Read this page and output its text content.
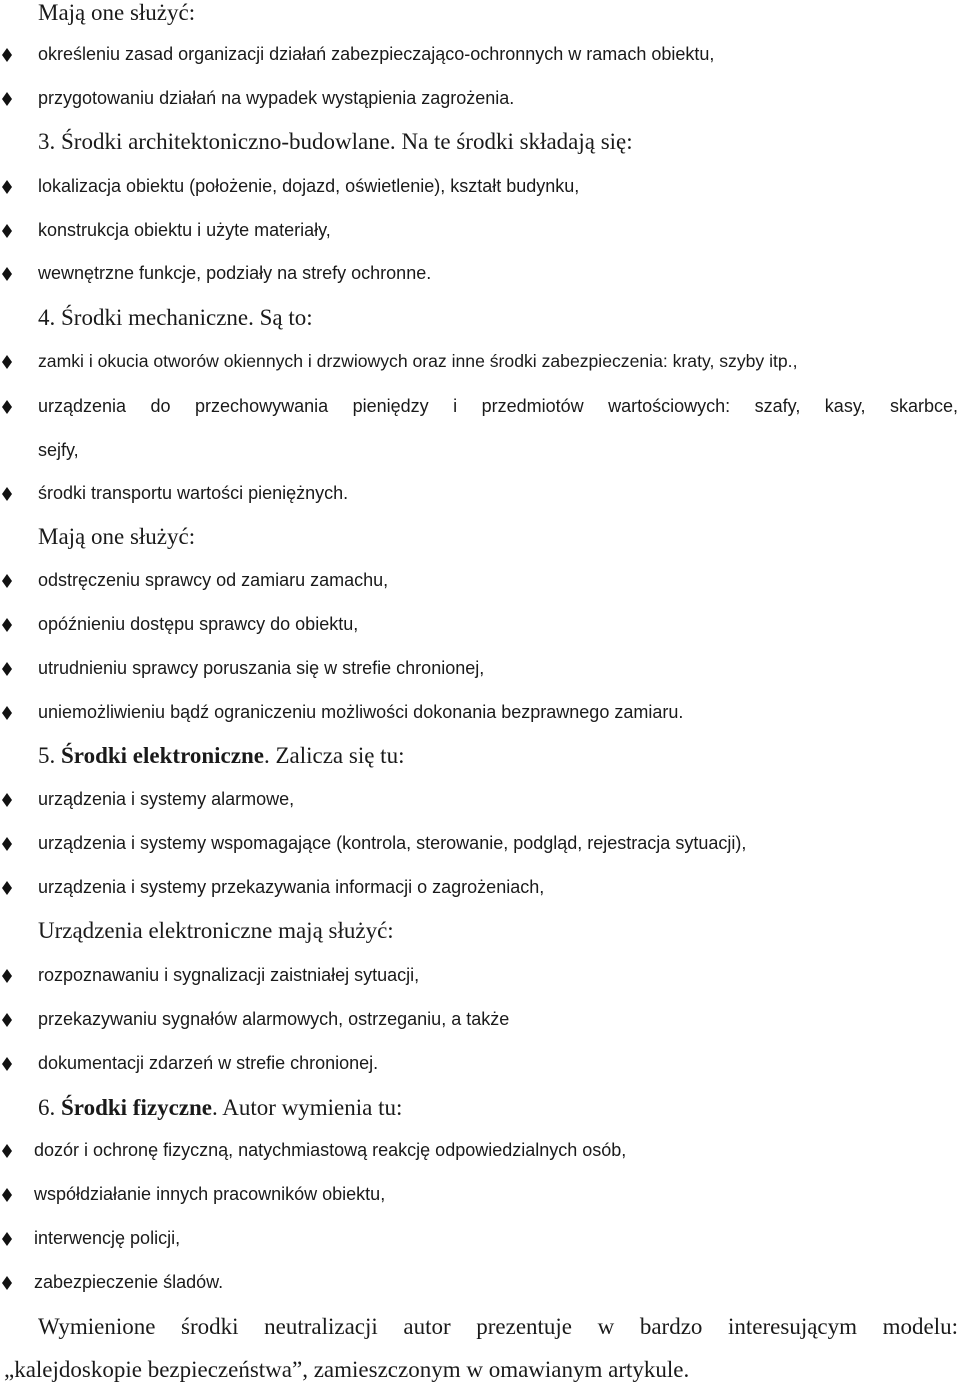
Mają one służyć:
określeniu zasad organizacji działań zabezpieczająco-ochronnych w ramach obiektu,
przygotowaniu działań na wypadek wystąpienia zagrożenia.
3. Środki architektoniczno-budowlane. Na te środki składają się:
lokalizacja obiektu (położenie, dojazd, oświetlenie), kształt budynku,
konstrukcja obiektu i użyte materiały,
wewnętrzne funkcje, podziały na strefy ochronne.
4. Środki mechaniczne. Są to:
zamki i okucia otworów okiennych i drzwiowych oraz inne środki zabezpieczenia: kraty, szyby itp.,
urządzenia do przechowywania pieniędzy i przedmiotów wartościowych: szafy, kasy, skarbce,
sejfy,
środki transportu wartości pieniężnych.
Mają one służyć:
odstręczeniu sprawcy od zamiaru zamachu,
opóźnieniu dostępu sprawcy do obiektu,
utrudnieniu sprawcy poruszania się w strefie chronionej,
uniemożliwieniu bądź ograniczeniu możliwości dokonania bezprawnego zamiaru.
5. Środki elektroniczne. Zalicza się tu:
urządzenia i systemy alarmowe,
urządzenia i systemy wspomagające (kontrola, sterowanie, podgląd, rejestracja sytuacji),
urządzenia i systemy przekazywania informacji o zagrożeniach,
Urządzenia elektroniczne mają służyć:
rozpoznawaniu i sygnalizacji zaistniałej sytuacji,
przekazywaniu sygnałów alarmowych, ostrzeganiu, a także
dokumentacji zdarzeń w strefie chronionej.
6. Środki fizyczne. Autor wymienia tu:
dozór i ochronę fizyczną, natychmiastową reakcję odpowiedzialnych osób,
współdziałanie innych pracowników obiektu,
interwencję policji,
zabezpieczenie śladów.
Wymienione środki neutralizacji autor prezentuje w bardzo interesującym modelu:
„kalejdoskopie bezpieczeństwa”, zamieszczonym w omawianym artykule.
